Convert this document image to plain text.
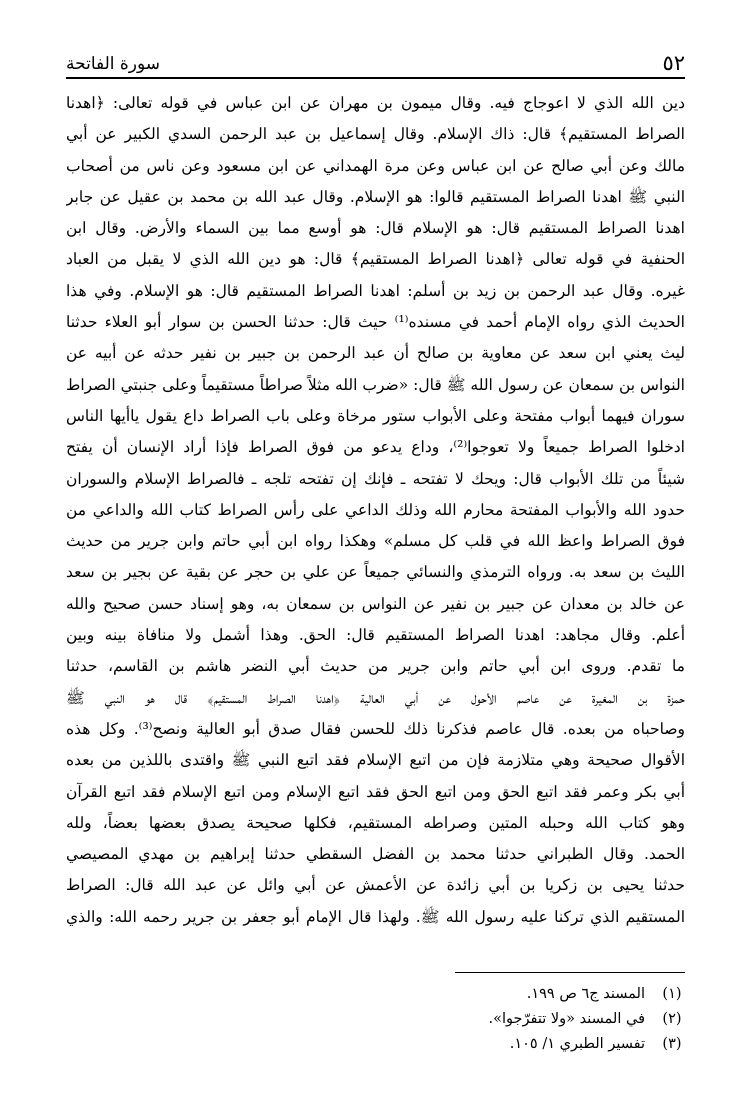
٥٢
سورة الفاتحة
دين الله الذي لا اعوجاج فيه. وقال ميمون بن مهران عن ابن عباس في قوله تعالى: ﴿اهدنا
الصراط المستقيم﴾ قال: ذاك الإسلام. وقال إسماعيل بن عبد الرحمن السدي الكبير عن أبي
مالك وعن أبي صالح عن ابن عباس وعن مرة الهمداني عن ابن مسعود وعن ناس من أصحاب
النبي ﷺ اهدنا الصراط المستقيم قالوا: هو الإسلام. وقال عبد الله بن محمد بن عقيل عن جابر
اهدنا الصراط المستقيم قال: هو الإسلام قال: هو أوسع مما بين السماء والأرض. وقال ابن
الحنفية في قوله تعالى ﴿اهدنا الصراط المستقيم﴾ قال: هو دين الله الذي لا يقبل من العباد
غيره. وقال عبد الرحمن بن زيد بن أسلم: اهدنا الصراط المستقيم قال: هو الإسلام. وفي هذا
الحديث الذي رواه الإمام أحمد في مسنده⁽¹⁾ حيث قال: حدثنا الحسن بن سوار أبو العلاء حدثنا
ليث يعني ابن سعد عن معاوية بن صالح أن عبد الرحمن بن جبير بن نفير حدثه عن أبيه عن
النواس بن سمعان عن رسول الله ﷺ قال: «ضرب الله مثلاً صراطاً مستقيماً وعلى جنبتي الصراط
سوران فيهما أبواب مفتحة وعلى الأبواب ستور مرخاة وعلى باب الصراط داع يقول ياأيها الناس
ادخلوا الصراط جميعاً ولا تعوجوا⁽²⁾، وداع يدعو من فوق الصراط فإذا أراد الإنسان أن يفتح
شيئاً من تلك الأبواب قال: ويحك لا تفتحه ـ فإنك إن تفتحه تلجه ـ فالصراط الإسلام والسوران
حدود الله والأبواب المفتحة محارم الله وذلك الداعي على رأس الصراط كتاب الله والداعي من
فوق الصراط واعظ الله في قلب كل مسلم» وهكذا رواه ابن أبي حاتم وابن جرير من حديث
الليث بن سعد به. ورواه الترمذي والنسائي جميعاً عن علي بن حجر عن بقية عن بجير بن سعد
عن خالد بن معدان عن جبير بن نفير عن النواس بن سمعان به، وهو إسناد حسن صحيح والله
أعلم. وقال مجاهد: اهدنا الصراط المستقيم قال: الحق. وهذا أشمل ولا منافاة بينه وبين
ما تقدم. وروى ابن أبي حاتم وابن جرير من حديث أبي النضر هاشم بن القاسم، حدثنا
حمزة بن المغيرة عن عاصم الأحول عن أبي العالية ﴿اهدنا الصراط المستقيم﴾ قال هو النبي ﷺ
وصاحباه من بعده. قال عاصم فذكرنا ذلك للحسن فقال صدق أبو العالية ونصح⁽³⁾. وكل هذه
الأقوال صحيحة وهي متلازمة فإن من اتبع الإسلام فقد اتبع النبي ﷺ واقتدى باللذين من بعده
أبي بكر وعمر فقد اتبع الحق ومن اتبع الحق فقد اتبع الإسلام ومن اتبع الإسلام فقد اتبع القرآن
وهو كتاب الله وحبله المتين وصراطه المستقيم، فكلها صحيحة يصدق بعضها بعضاً، ولله
الحمد. وقال الطبراني حدثنا محمد بن الفضل السقطي حدثنا إبراهيم بن مهدي المصيصي
حدثنا يحيى بن زكريا بن أبي زائدة عن الأعمش عن أبي وائل عن عبد الله قال: الصراط
المستقيم الذي تركنا عليه رسول الله ﷺ. ولهذا قال الإمام أبو جعفر بن جرير رحمه الله: والذي
(١)
المسند ج٦ ص ١٩٩.
(٢)
في المسند «ولا تتفرّجوا».
(٣)
تفسير الطبري ١/ ١٠٥.
